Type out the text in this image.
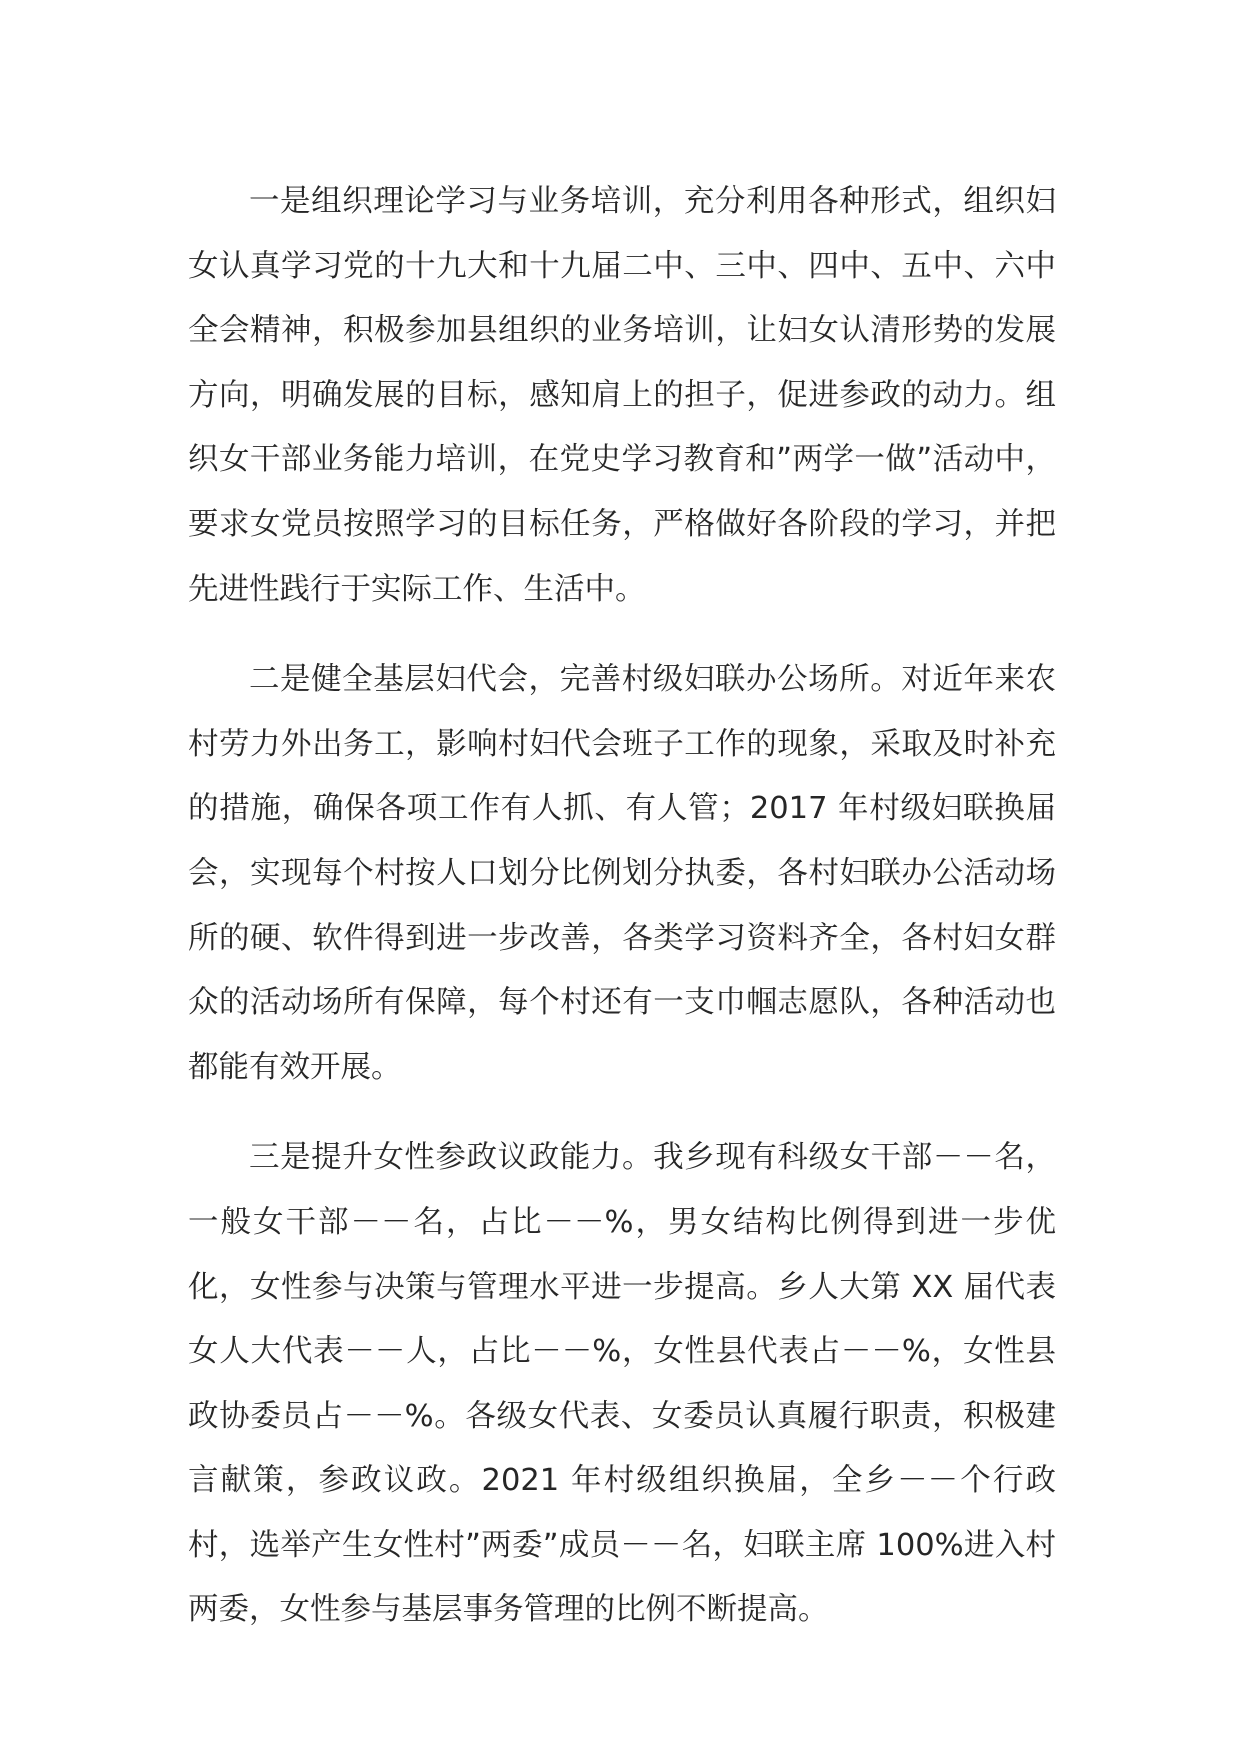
一是组织理论学习与业务培训，充分利用各种形式，组织妇女认真学习党的十九大和十九届二中、三中、四中、五中、六中全会精神，积极参加县组织的业务培训，让妇女认清形势的发展方向，明确发展的目标，感知肩上的担子，促进参政的动力。组织女干部业务能力培训，在党史学习教育和”两学一做”活动中，要求女党员按照学习的目标任务，严格做好各阶段的学习，并把先进性践行于实际工作、生活中。

二是健全基层妇代会，完善村级妇联办公场所。对近年来农村劳力外出务工，影响村妇代会班子工作的现象，采取及时补充的措施，确保各项工作有人抓、有人管；2017 年村级妇联换届会，实现每个村按人口划分比例划分执委，各村妇联办公活动场所的硬、软件得到进一步改善，各类学习资料齐全，各村妇女群众的活动场所有保障，每个村还有一支巾帼志愿队，各种活动也都能有效开展。

三是提升女性参政议政能力。我乡现有科级女干部－－名，一般女干部－－名，占比－－%，男女结构比例得到进一步优化，女性参与决策与管理水平进一步提高。乡人大第 XX 届代表女人大代表－－人，占比－－%，女性县代表占－－%，女性县政协委员占－－%。各级女代表、女委员认真履行职责，积极建言献策，参政议政。2021 年村级组织换届，全乡－－个行政村，选举产生女性村”两委”成员－－名，妇联主席 100%进入村两委，女性参与基层事务管理的比例不断提高。
